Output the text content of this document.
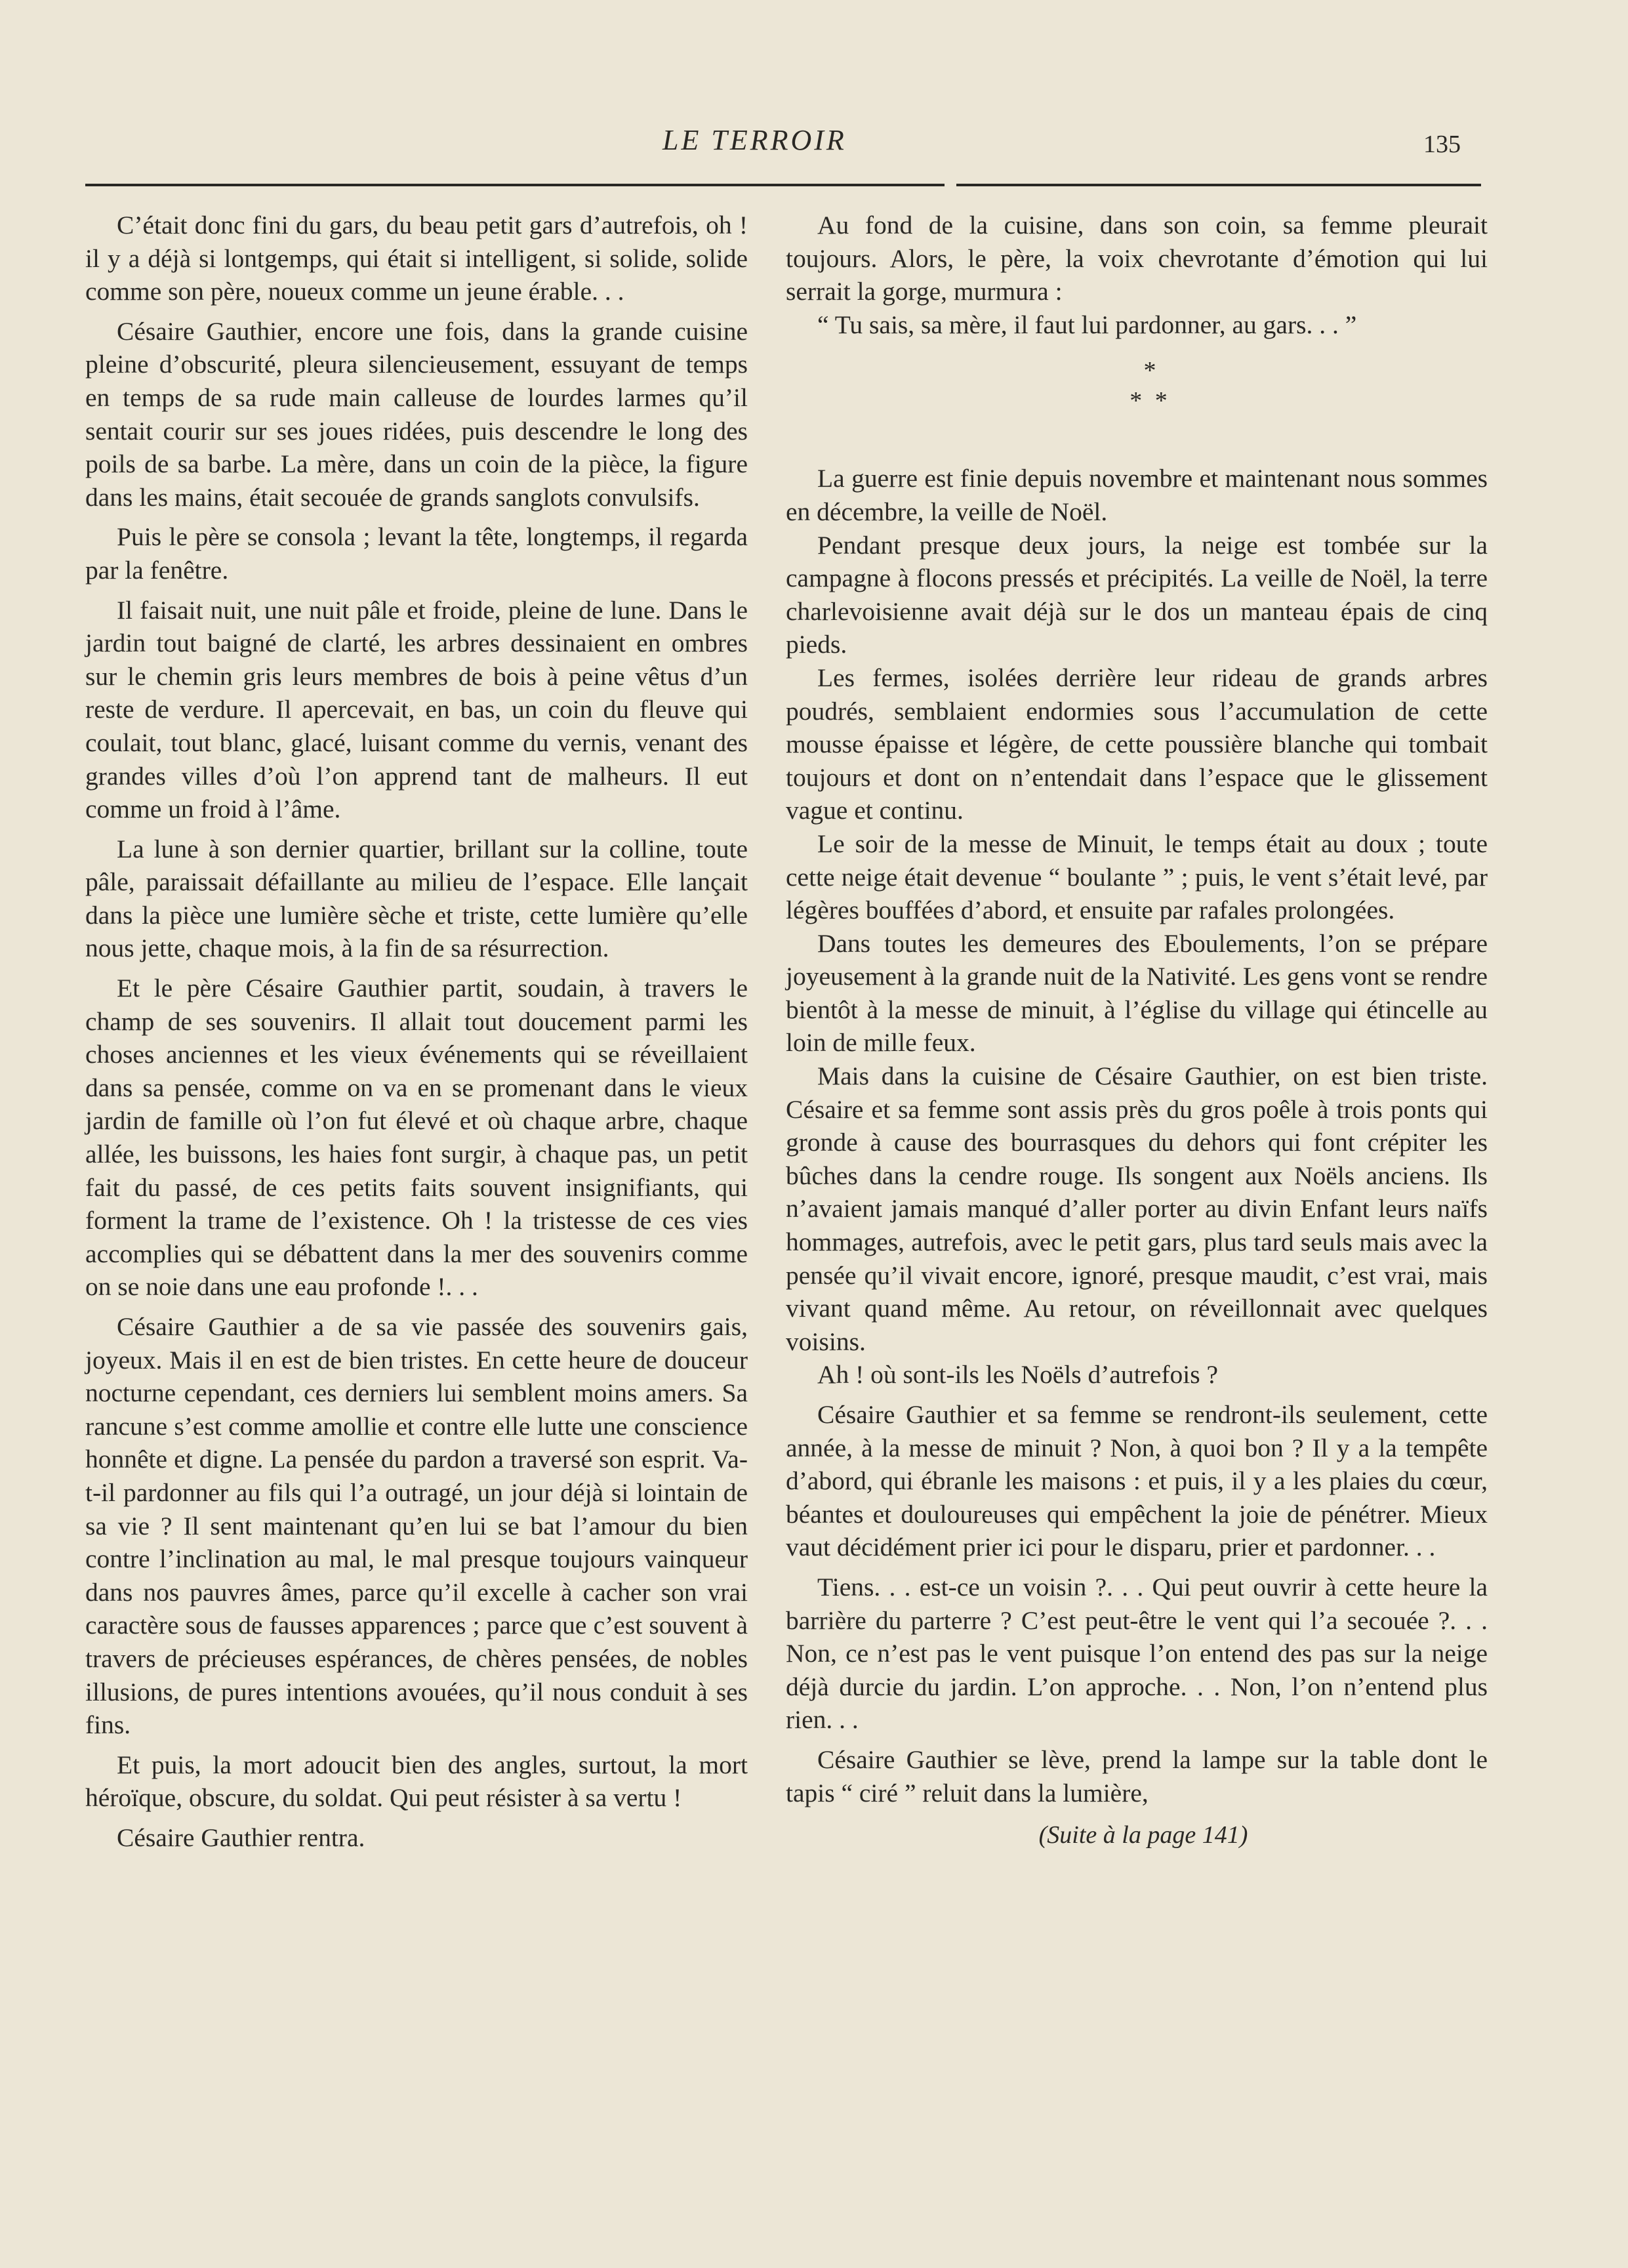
LE TERROIR	135

C’était donc fini du gars, du beau petit gars d’autrefois, oh ! il y a déjà si lontgemps, qui était si intelligent, si solide, solide comme son père, noueux comme un jeune érable. . .

Césaire Gauthier, encore une fois, dans la grande cuisine pleine d’obscurité, pleura silencieusement, essuyant de temps en temps de sa rude main calleuse de lourdes larmes qu’il sentait courir sur ses joues ridées, puis descendre le long des poils de sa barbe. La mère, dans un coin de la pièce, la figure dans les mains, était secouée de grands sanglots convulsifs.

Puis le père se consola ; levant la tête, longtemps, il regarda par la fenêtre.

Il faisait nuit, une nuit pâle et froide, pleine de lune. Dans le jardin tout baigné de clarté, les arbres dessinaient en ombres sur le chemin gris leurs membres de bois à peine vêtus d’un reste de verdure. Il apercevait, en bas, un coin du fleuve qui coulait, tout blanc, glacé, luisant comme du vernis, venant des grandes villes d’où l’on apprend tant de malheurs. Il eut comme un froid à l’âme.

La lune à son dernier quartier, brillant sur la colline, toute pâle, paraissait défaillante au milieu de l’espace. Elle lançait dans la pièce une lumière sèche et triste, cette lumière qu’elle nous jette, chaque mois, à la fin de sa résurrection.

Et le père Césaire Gauthier partit, soudain, à travers le champ de ses souvenirs. Il allait tout doucement parmi les choses anciennes et les vieux événements qui se réveillaient dans sa pensée, comme on va en se promenant dans le vieux jardin de famille où l’on fut élevé et où chaque arbre, chaque allée, les buissons, les haies font surgir, à chaque pas, un petit fait du passé, de ces petits faits souvent insignifiants, qui forment la trame de l’existence. Oh ! la tristesse de ces vies accomplies qui se débattent dans la mer des souvenirs comme on se noie dans une eau profonde !. . .

Césaire Gauthier a de sa vie passée des souvenirs gais, joyeux. Mais il en est de bien tristes. En cette heure de douceur nocturne cependant, ces derniers lui semblent moins amers. Sa rancune s’est comme amollie et contre elle lutte une conscience honnête et digne. La pensée du pardon a traversé son esprit. Va-t-il pardonner au fils qui l’a outragé, un jour déjà si lointain de sa vie ? Il sent maintenant qu’en lui se bat l’amour du bien contre l’inclination au mal, le mal presque toujours vainqueur dans nos pauvres âmes, parce qu’il excelle à cacher son vrai caractère sous de fausses apparences ; parce que c’est souvent à travers de précieuses espérances, de chères pensées, de nobles illusions, de pures intentions avouées, qu’il nous conduit à ses fins.

Et puis, la mort adoucit bien des angles, surtout, la mort héroïque, obscure, du soldat. Qui peut résister à sa vertu !

Césaire Gauthier rentra.

Au fond de la cuisine, dans son coin, sa femme pleurait toujours. Alors, le père, la voix chevrotante d’émotion qui lui serrait la gorge, murmura :

“ Tu sais, sa mère, il faut lui pardonner, au gars. . . ”

*
* *

La guerre est finie depuis novembre et maintenant nous sommes en décembre, la veille de Noël.

Pendant presque deux jours, la neige est tombée sur la campagne à flocons pressés et précipités. La veille de Noël, la terre charlevoisienne avait déjà sur le dos un manteau épais de cinq pieds.

Les fermes, isolées derrière leur rideau de grands arbres poudrés, semblaient endormies sous l’accumulation de cette mousse épaisse et légère, de cette poussière blanche qui tombait toujours et dont on n’entendait dans l’espace que le glissement vague et continu.

Le soir de la messe de Minuit, le temps était au doux ; toute cette neige était devenue “ boulante ” ; puis, le vent s’était levé, par légères bouffées d’abord, et ensuite par rafales prolongées.

Dans toutes les demeures des Eboulements, l’on se prépare joyeusement à la grande nuit de la Nativité. Les gens vont se rendre bientôt à la messe de minuit, à l’église du village qui étincelle au loin de mille feux.

Mais dans la cuisine de Césaire Gauthier, on est bien triste. Césaire et sa femme sont assis près du gros poêle à trois ponts qui gronde à cause des bourrasques du dehors qui font crépiter les bûches dans la cendre rouge. Ils songent aux Noëls anciens. Ils n’avaient jamais manqué d’aller porter au divin Enfant leurs naïfs hommages, autrefois, avec le petit gars, plus tard seuls mais avec la pensée qu’il vivait encore, ignoré, presque maudit, c’est vrai, mais vivant quand même. Au retour, on réveillonnait avec quelques voisins.

Ah ! où sont-ils les Noëls d’autrefois ?

Césaire Gauthier et sa femme se rendront-ils seulement, cette année, à la messe de minuit ? Non, à quoi bon ? Il y a la tempête d’abord, qui ébranle les maisons : et puis, il y a les plaies du cœur, béantes et douloureuses qui empêchent la joie de pénétrer. Mieux vaut décidément prier ici pour le disparu, prier et pardonner. . .

Tiens. . . est-ce un voisin ?. . . Qui peut ouvrir à cette heure la barrière du parterre ? C’est peut-être le vent qui l’a secouée ?. . . Non, ce n’est pas le vent puisque l’on entend des pas sur la neige déjà durcie du jardin. L’on approche. . . Non, l’on n’entend plus rien. . .

Césaire Gauthier se lève, prend la lampe sur la table dont le tapis “ ciré ” reluit dans la lumière,

(Suite à la page 141)
